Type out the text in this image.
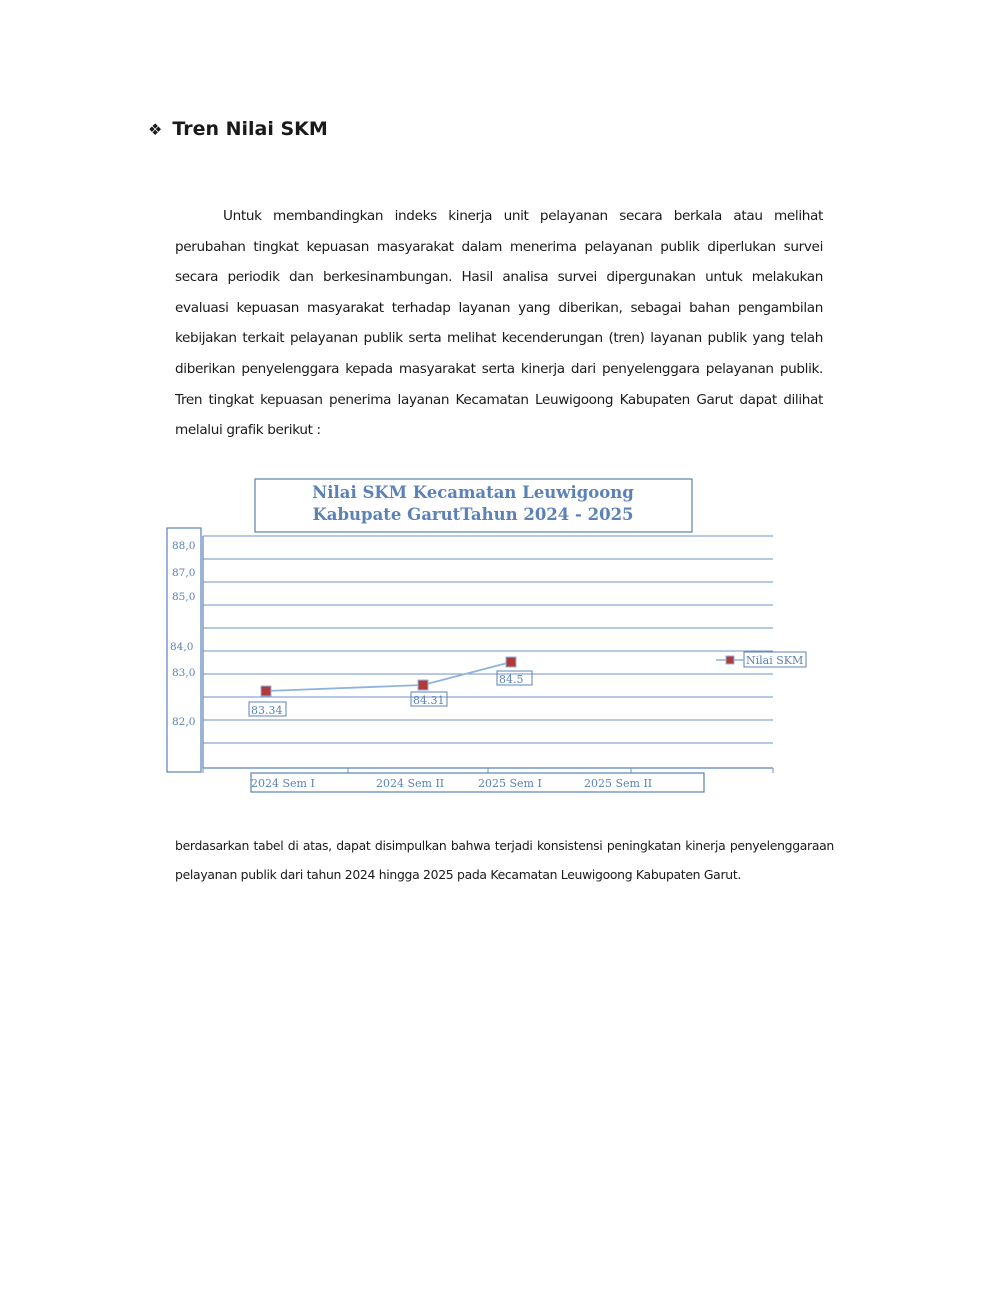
❖ Tren Nilai SKM

Untuk membandingkan indeks kinerja unit pelayanan secara berkala atau melihat perubahan tingkat kepuasan masyarakat dalam menerima pelayanan publik diperlukan survei secara periodik dan berkesinambungan. Hasil analisa survei dipergunakan untuk melakukan evaluasi kepuasan masyarakat terhadap layanan yang diberikan, sebagai bahan pengambilan kebijakan terkait pelayanan publik serta melihat kecenderungan (tren) layanan publik yang telah diberikan penyelenggara kepada masyarakat serta kinerja dari penyelenggara pelayanan publik. Tren tingkat kepuasan penerima layanan Kecamatan Leuwigoong Kabupaten Garut dapat dilihat melalui grafik berikut :

Nilai SKM Kecamatan Leuwigoong
Kabupate GarutTahun 2024 - 2025
88,0
87,0
85,0
84,0
83,0
82,0
2024 Sem I	2024 Sem II	2025 Sem I	2025 Sem II
83.34
84.31
84.5
Nilai SKM

berdasarkan tabel di atas, dapat disimpulkan bahwa terjadi konsistensi peningkatan kinerja penyelenggaraan pelayanan publik dari tahun 2024 hingga 2025 pada Kecamatan Leuwigoong Kabupaten Garut.
